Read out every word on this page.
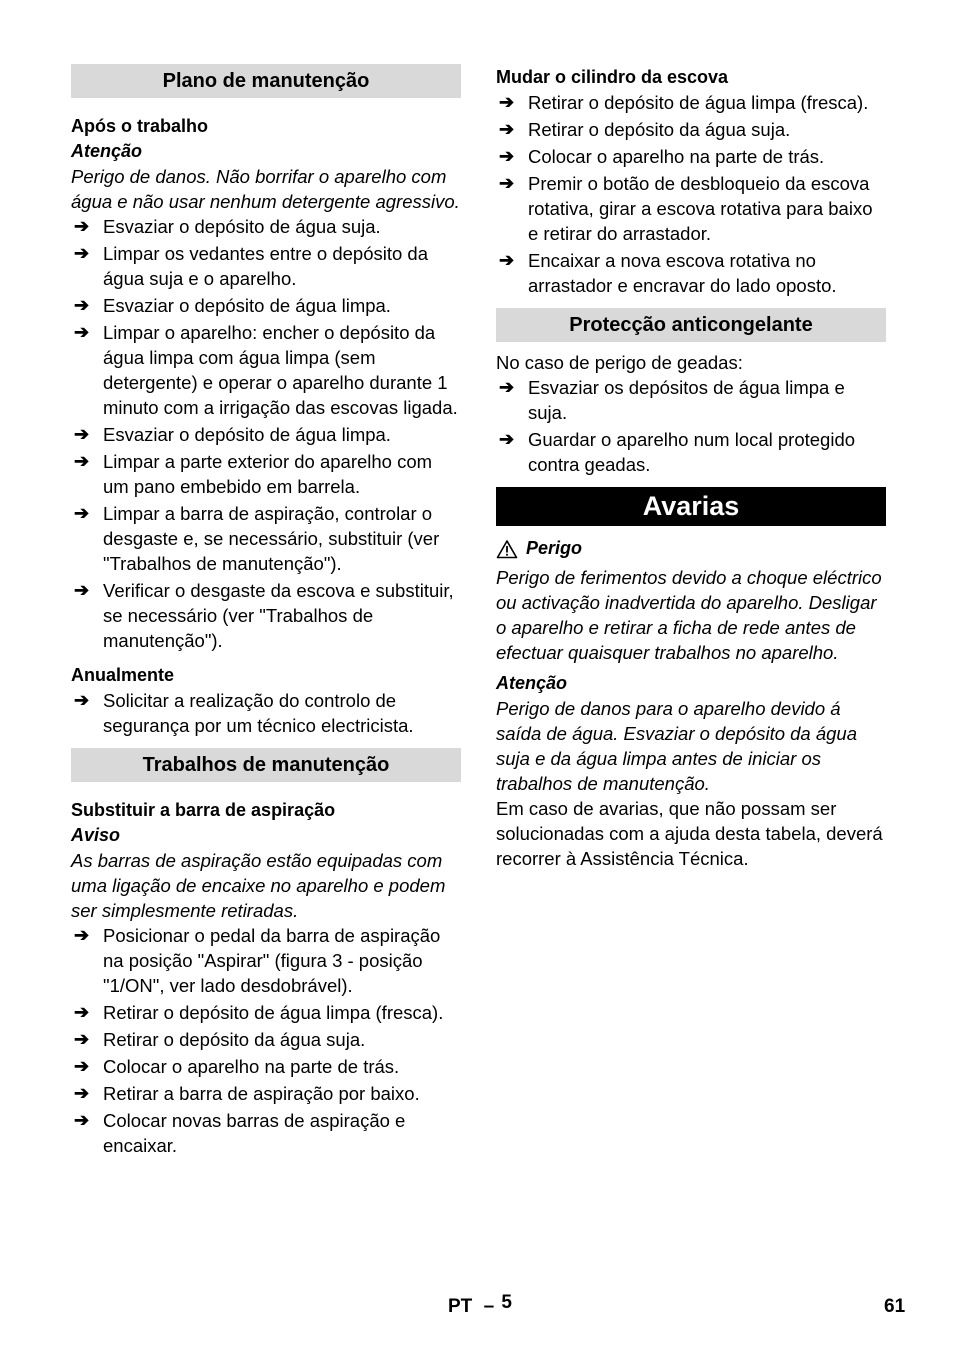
Plano de manutenção

Após o trabalho

Atenção

Perigo de danos. Não borrifar o aparelho com água e não usar nenhum detergente agressivo.

➔ Esvaziar o depósito de água suja.
➔ Limpar os vedantes entre o depósito da água suja e o aparelho.
➔ Esvaziar o depósito de água limpa.
➔ Limpar o aparelho: encher o depósito da água limpa com água limpa (sem detergente) e operar o aparelho durante 1 minuto com a irrigação das escovas ligada.
➔ Esvaziar o depósito de água limpa.
➔ Limpar a parte exterior do aparelho com um pano embebido em barrela.
➔ Limpar a barra de aspiração, controlar o desgaste e, se necessário, substituir (ver "Trabalhos de manutenção").
➔ Verificar o desgaste da escova e substituir, se necessário (ver "Trabalhos de manutenção").

Anualmente

➔ Solicitar a realização do controlo de segurança por um técnico electricista.
Trabalhos de manutenção

Substituir a barra de aspiração

Aviso

As barras de aspiração estão equipadas com uma ligação de encaixe no aparelho e podem ser simplesmente retiradas.

➔ Posicionar o pedal da barra de aspiração na posição "Aspirar" (figura 3 - posição "1/ON", ver lado desdobrável).
➔ Retirar o depósito de água limpa (fresca).
➔ Retirar o depósito da água suja.
➔ Colocar o aparelho na parte de trás.
➔ Retirar a barra de aspiração por baixo.
➔ Colocar novas barras de aspiração e encaixar.

Mudar o cilindro da escova

➔ Retirar o depósito de água limpa (fresca).
➔ Retirar o depósito da água suja.
➔ Colocar o aparelho na parte de trás.
➔ Premir o botão de desbloqueio da escova rotativa, girar a escova rotativa para baixo e retirar do arrastador.
➔ Encaixar a nova escova rotativa no arrastador e encravar do lado oposto.
Protecção anticongelante

No caso de perigo de geadas:

➔ Esvaziar os depósitos de água limpa e suja.
➔ Guardar o aparelho num local protegido contra geadas.
Avarias
Perigo

Perigo de ferimentos devido a choque eléctrico ou activação inadvertida do aparelho. Desligar o aparelho e retirar a ficha de rede antes de efectuar quaisquer trabalhos no aparelho.

Atenção

Perigo de danos para o aparelho devido á saída de água. Esvaziar o depósito da água suja e da água limpa antes de iniciar os trabalhos de manutenção.

Em caso de avarias, que não possam ser solucionadas com a ajuda desta tabela, deverá recorrer à Assistência Técnica.

PT – 5	61
